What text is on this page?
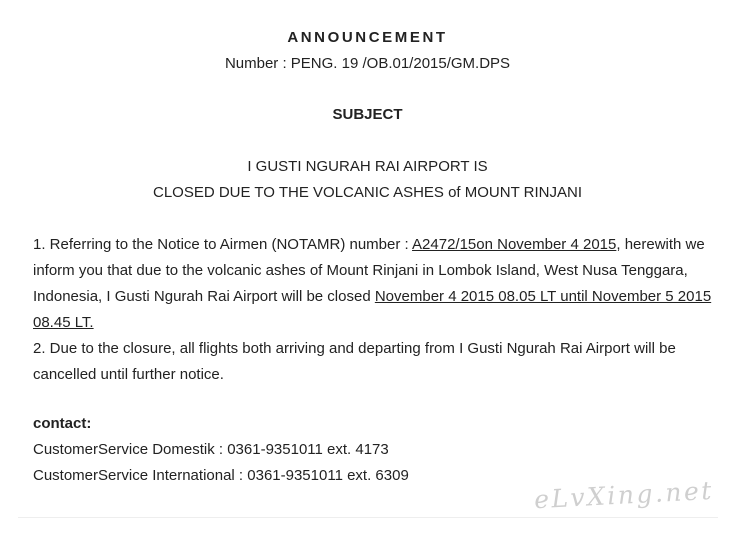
ANNOUNCEMENT
Number : PENG. 19 /OB.01/2015/GM.DPS
SUBJECT
I GUSTI NGURAH RAI AIRPORT IS
CLOSED DUE TO THE VOLCANIC ASHES of MOUNT RINJANI

1. Referring to the Notice to Airmen (NOTAMR) number : A2472/15on November 4 2015, herewith we inform you that due to the volcanic ashes of Mount Rinjani in Lombok Island, West Nusa Tenggara, Indonesia, I Gusti Ngurah Rai Airport will be closed November 4 2015 08.05 LT until November 5 2015 08.45 LT.

2. Due to the closure, all flights both arriving and departing from I Gusti Ngurah Rai Airport will be cancelled until further notice.

contact:
CustomerService Domestik : 0361-9351011 ext. 4173
CustomerService International : 0361-9351011 ext. 6309
eLvXing.net
